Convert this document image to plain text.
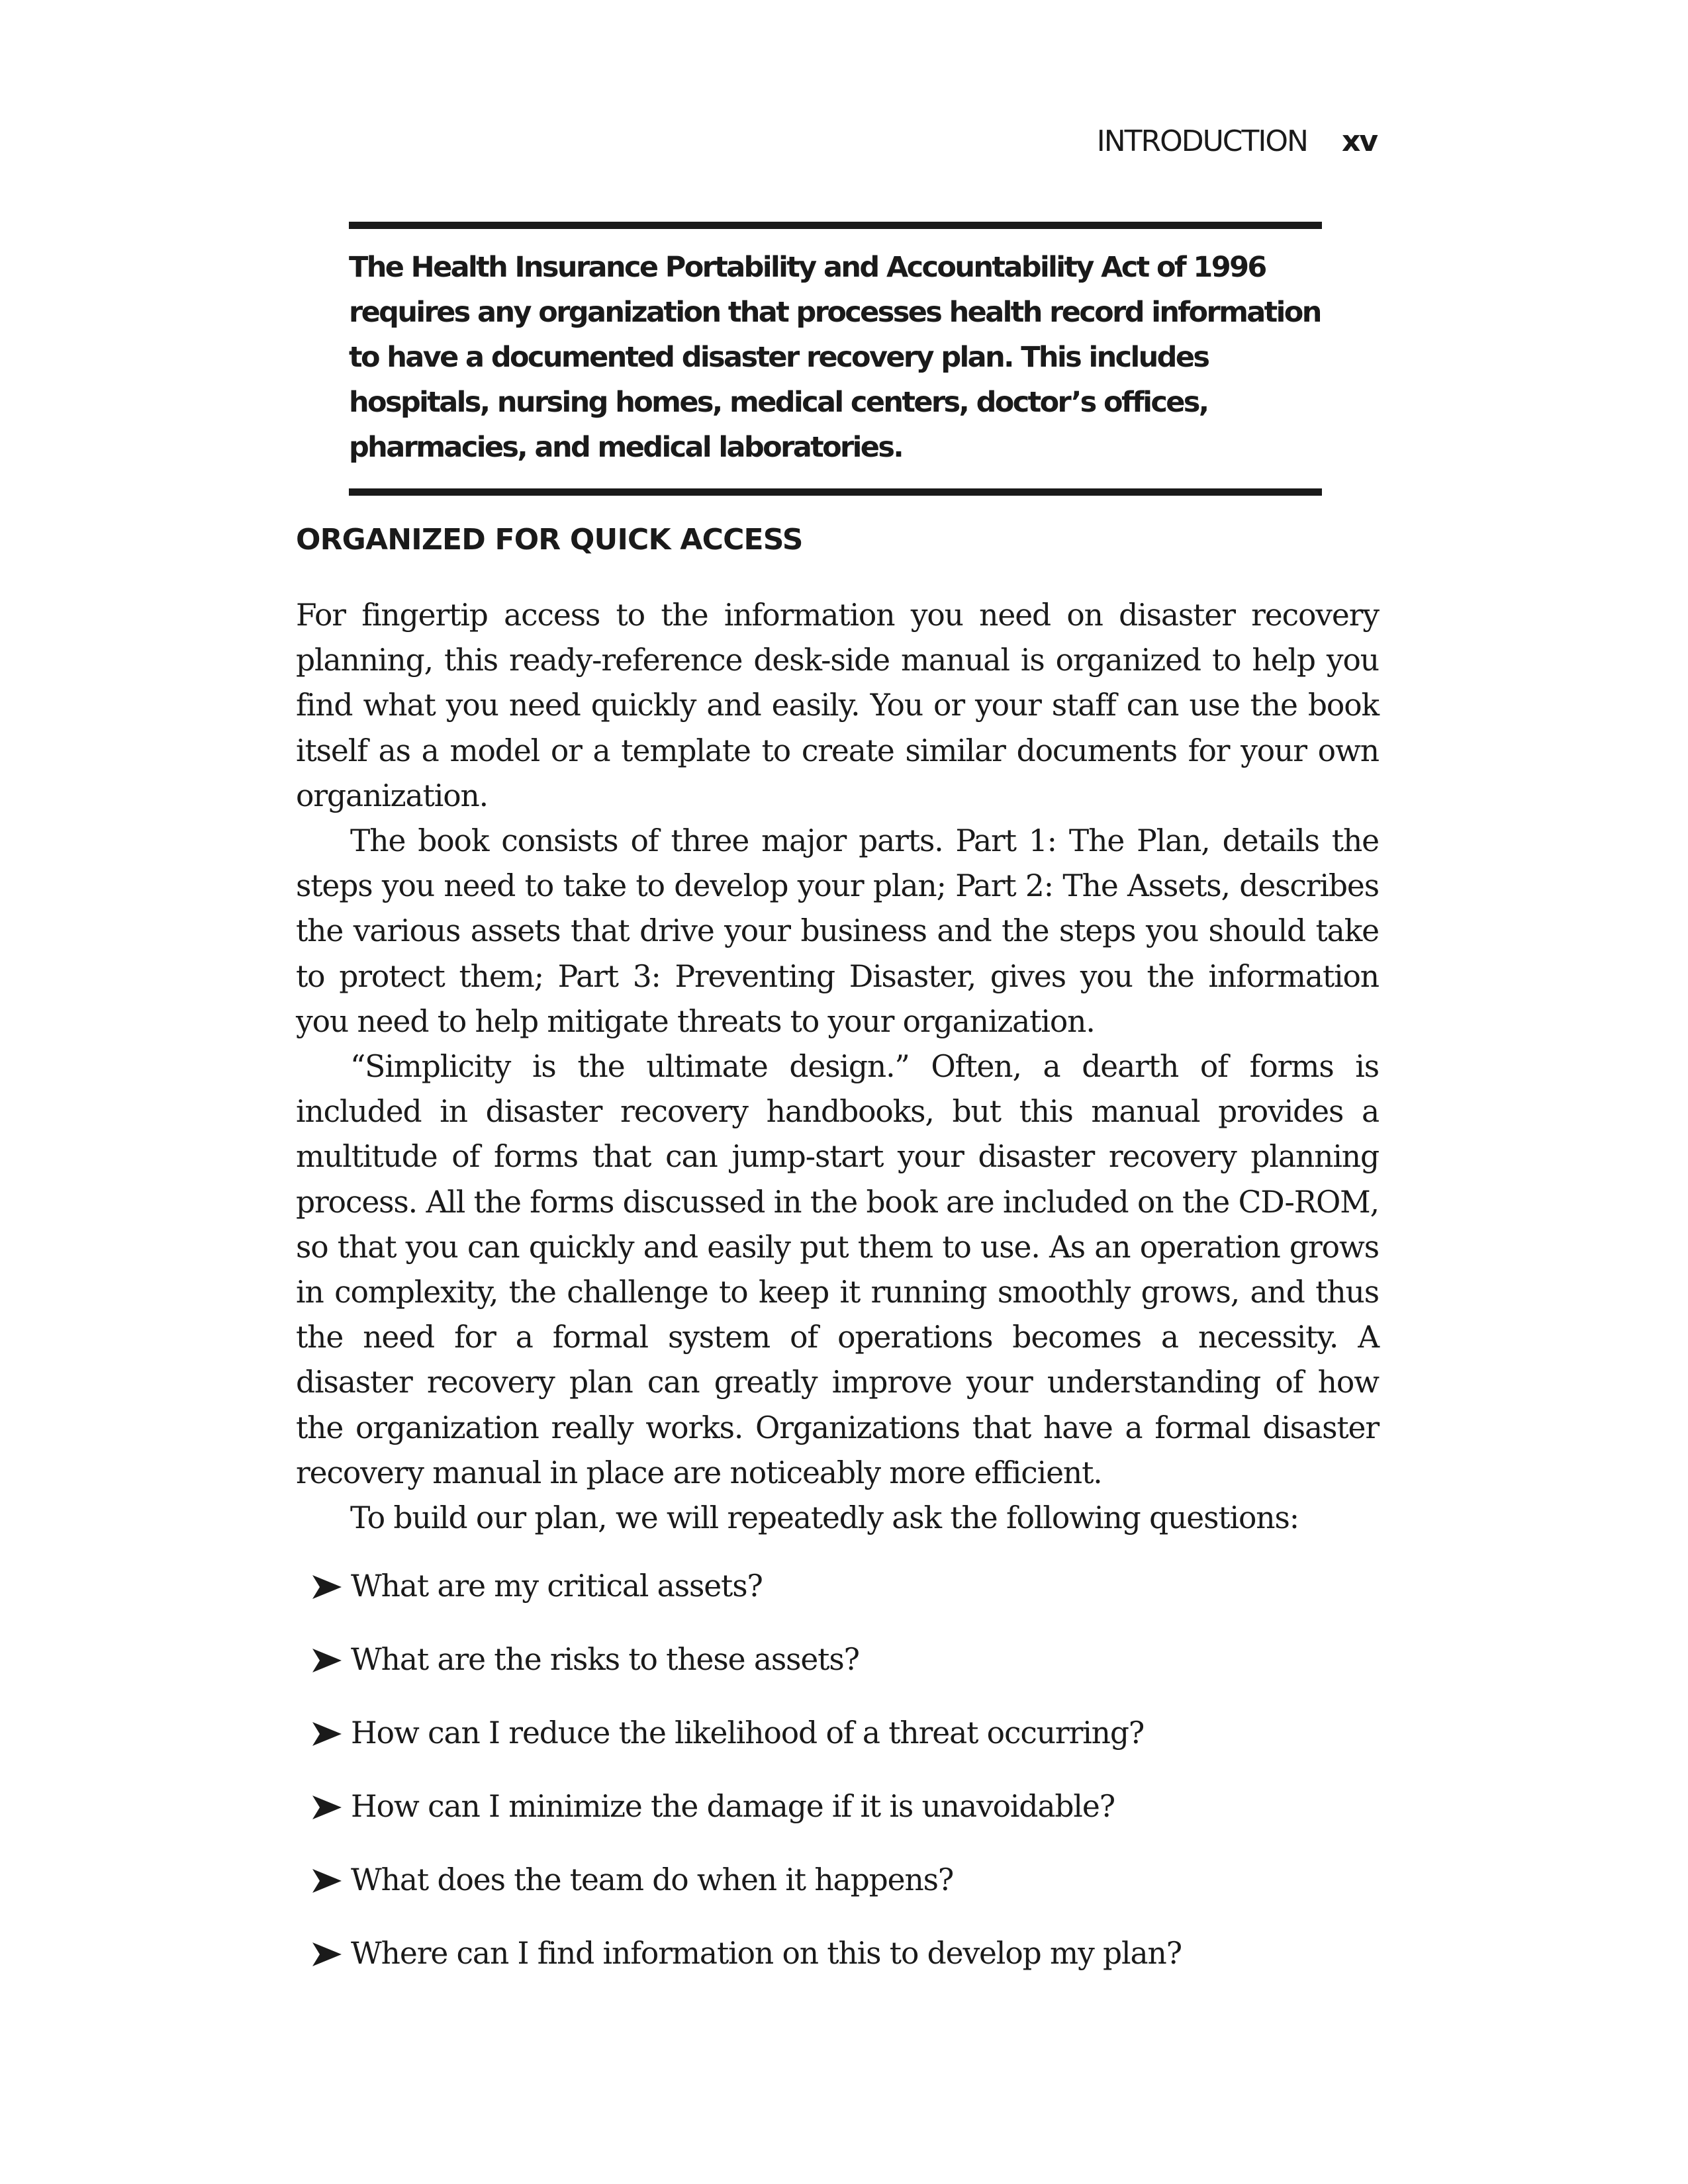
INTRODUCTION xv

The Health Insurance Portability and Accountability Act of 1996 requires any organization that processes health record information to have a documented disaster recovery plan. This includes hospitals, nursing homes, medical centers, doctor’s offices, pharmacies, and medical laboratories.

ORGANIZED FOR QUICK ACCESS

For fingertip access to the information you need on disaster recovery planning, this ready-reference desk-side manual is organized to help you find what you need quickly and easily. You or your staff can use the book itself as a model or a template to create similar documents for your own organization.

The book consists of three major parts. Part 1: The Plan, details the steps you need to take to develop your plan; Part 2: The Assets, describes the various assets that drive your business and the steps you should take to protect them; Part 3: Preventing Disaster, gives you the information you need to help mitigate threats to your organization.

“Simplicity is the ultimate design.” Often, a dearth of forms is included in disaster recovery handbooks, but this manual provides a multitude of forms that can jump-start your disaster recovery planning process. All the forms discussed in the book are included on the CD-ROM, so that you can quickly and easily put them to use. As an operation grows in complexity, the challenge to keep it running smoothly grows, and thus the need for a formal system of operations becomes a necessity. A disaster recovery plan can greatly improve your understanding of how the organization really works. Organizations that have a formal disaster recovery manual in place are noticeably more efficient.

To build our plan, we will repeatedly ask the following questions:

What are my critical assets?
What are the risks to these assets?
How can I reduce the likelihood of a threat occurring?
How can I minimize the damage if it is unavoidable?
What does the team do when it happens?
Where can I find information on this to develop my plan?
